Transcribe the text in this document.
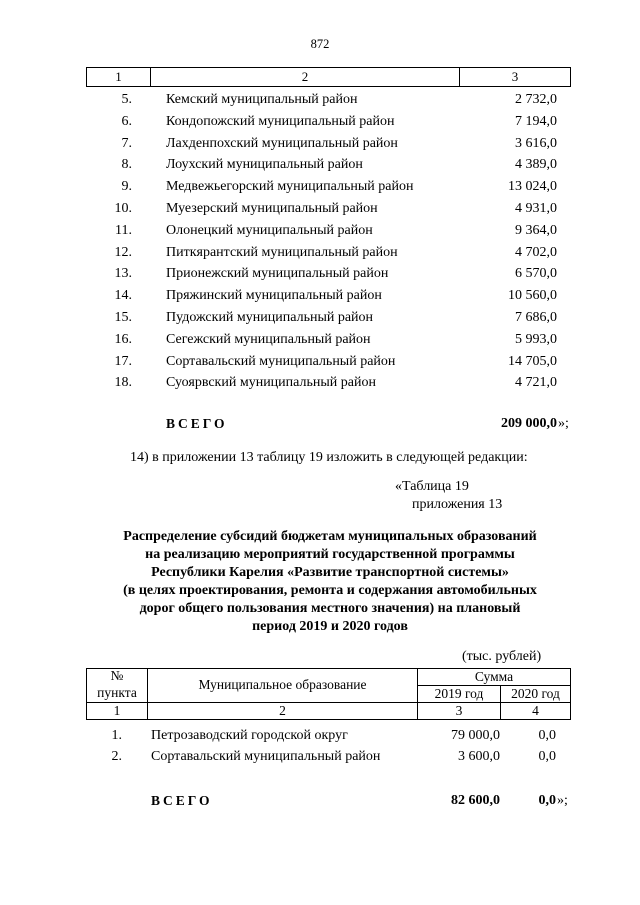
872
1	2	3
5. Кемский муниципальный район	2 732,0
6. Кондопожский муниципальный район	7 194,0
7. Лахденпохский муниципальный район	3 616,0
8. Лоухский муниципальный район	4 389,0
9. Медвежьегорский муниципальный район	13 024,0
10. Муезерский муниципальный район	4 931,0
11. Олонецкий муниципальный район	9 364,0
12. Питкярантский муниципальный район	4 702,0
13. Прионежский муниципальный район	6 570,0
14. Пряжинский муниципальный район	10 560,0
15. Пудожский муниципальный район	7 686,0
16. Сегежский муниципальный район	5 993,0
17. Сортавальский муниципальный район	14 705,0
18. Суоярвский муниципальный район	4 721,0
ВСЕГО	209 000,0 »;
14) в приложении 13 таблицу 19 изложить в следующей редакции:
«Таблица 19
приложения 13
Распределение субсидий бюджетам муниципальных образований
на реализацию мероприятий государственной программы
Республики Карелия «Развитие транспортной системы»
(в целях проектирования, ремонта и содержания автомобильных
дорог общего пользования местного значения) на плановый
период 2019 и 2020 годов
(тыс. рублей)
№
пункта
Муниципальное образование
Сумма
2019 год	2020 год
1	2	3	4
1. Петрозаводский городской округ	79 000,0	0,0
2. Сортавальский муниципальный район	3 600,0	0,0
ВСЕГО	82 600,0	0,0 »;
